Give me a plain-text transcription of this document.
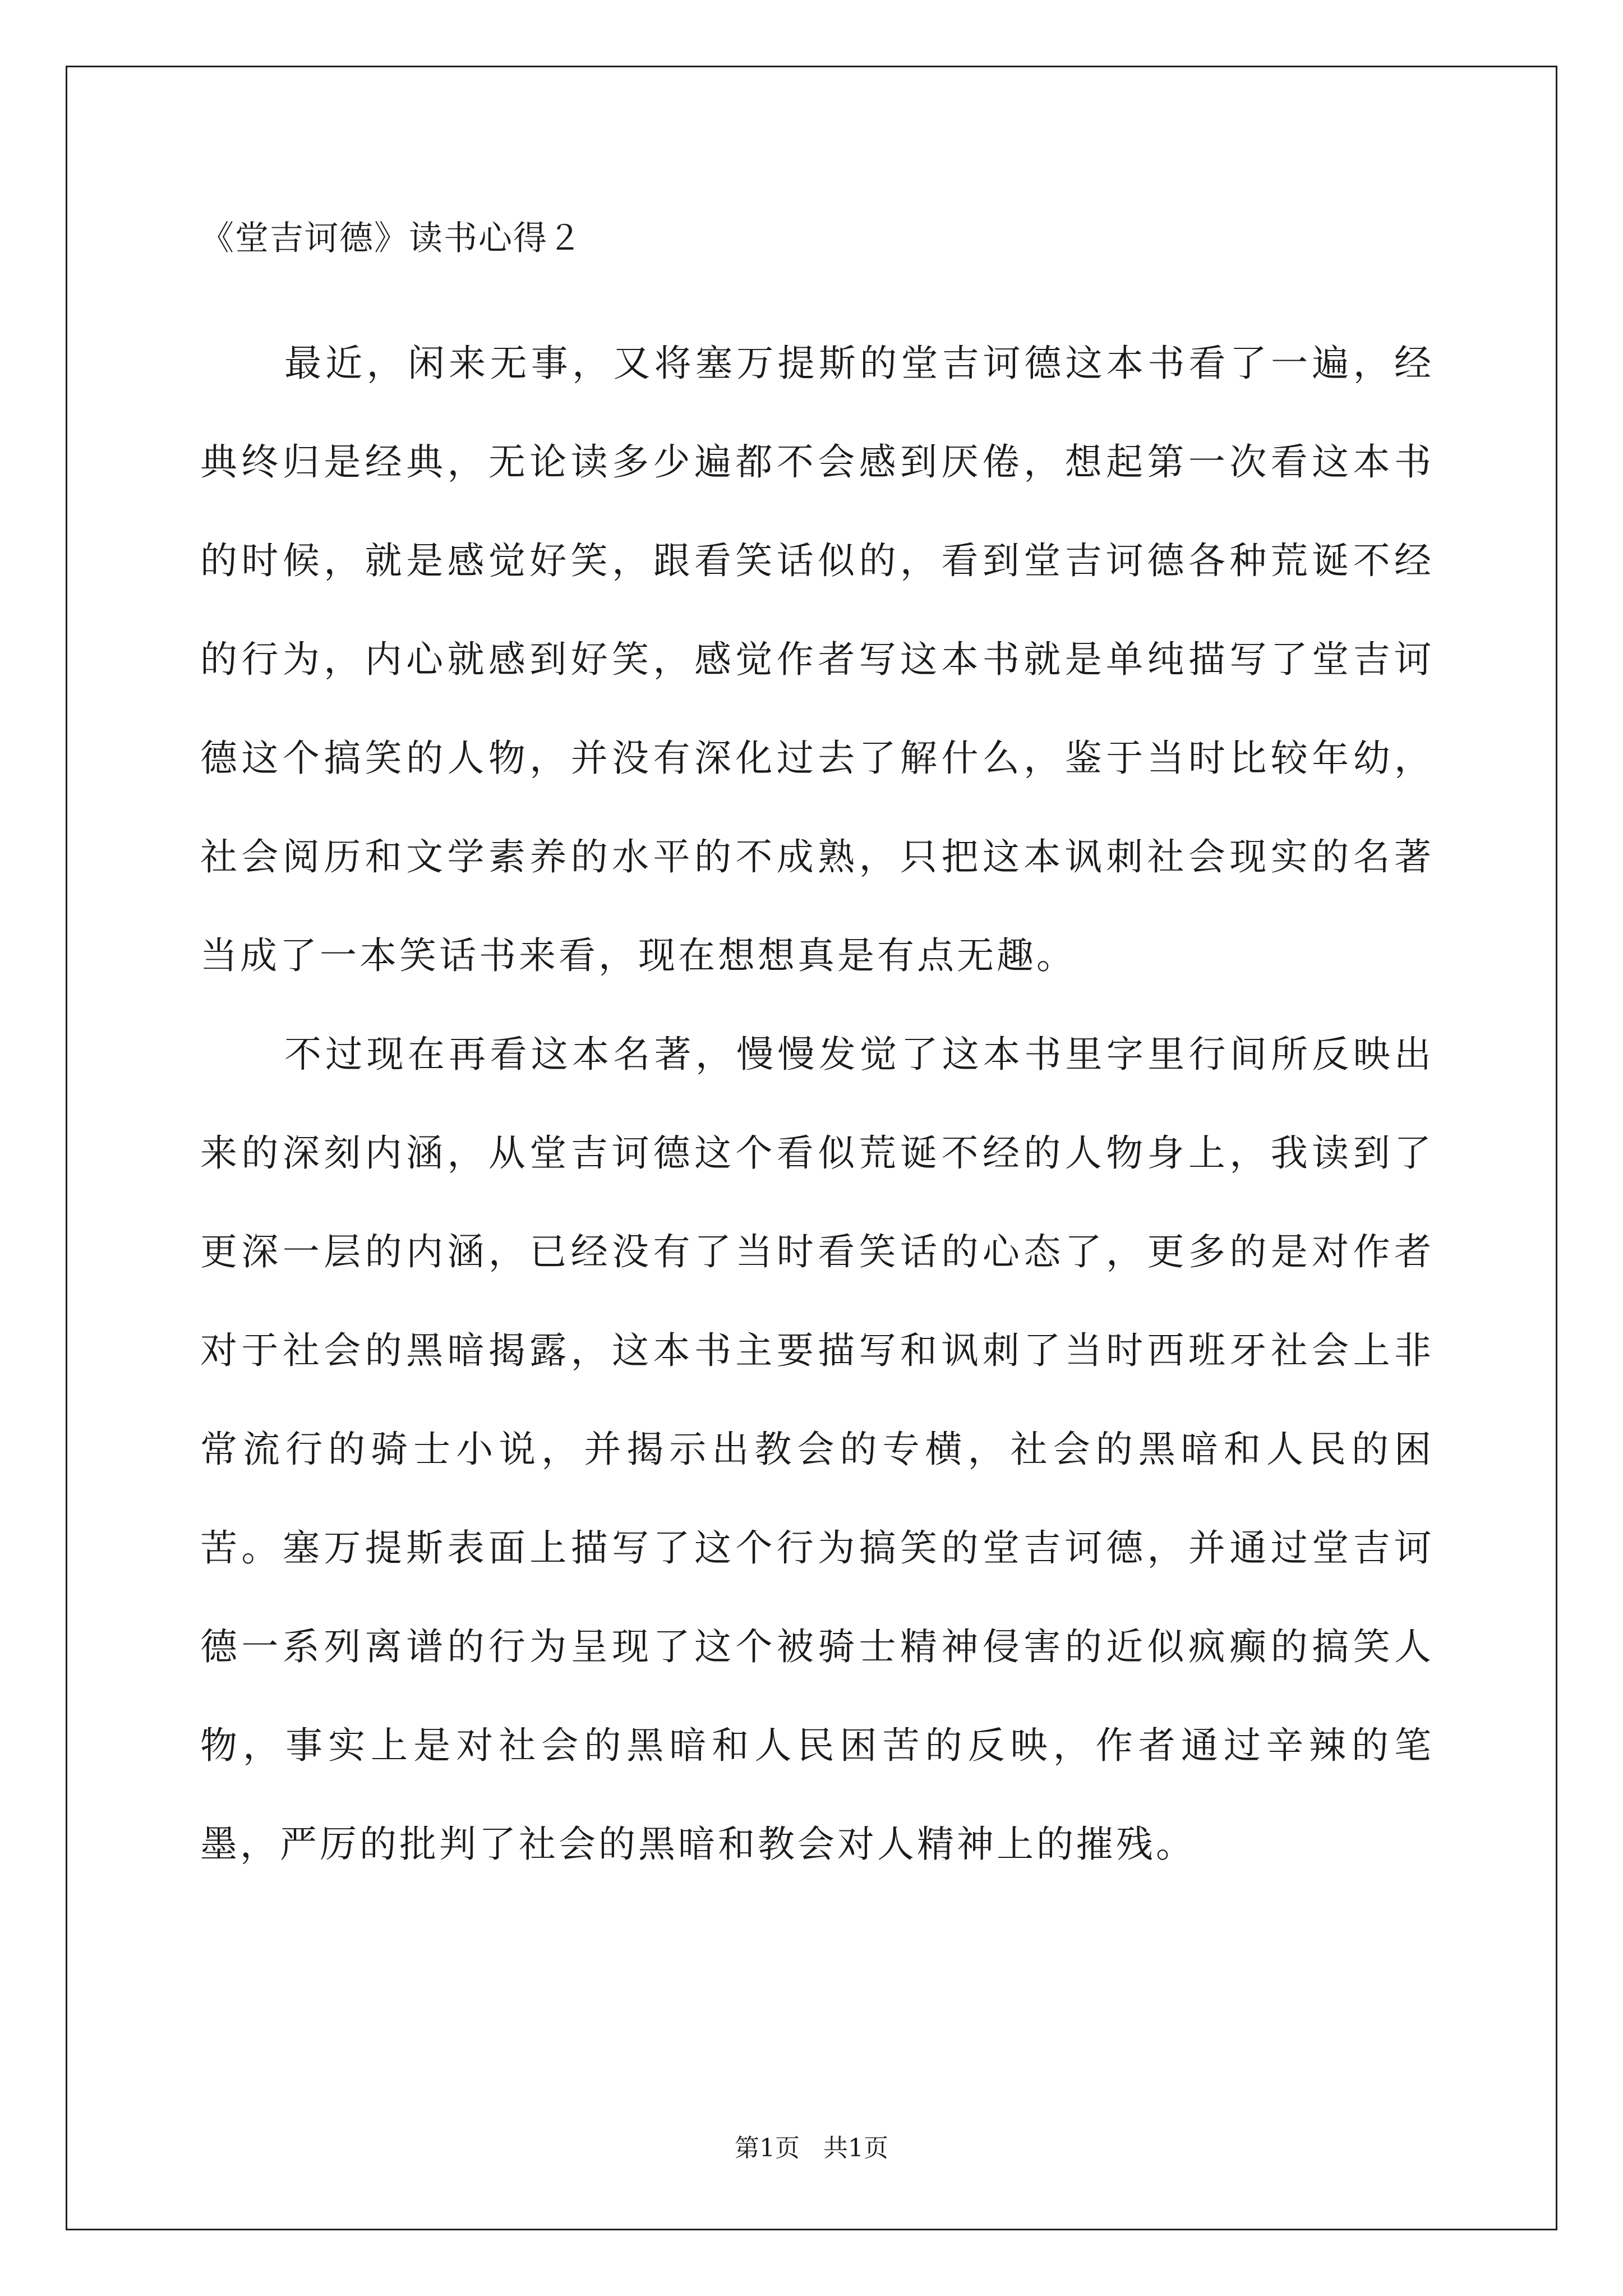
《堂吉诃德》读书心得２

最近，闲来无事，又将塞万提斯的堂吉诃德这本书看了一遍，经典终归是经典，无论读多少遍都不会感到厌倦，想起第一次看这本书的时候，就是感觉好笑，跟看笑话似的，看到堂吉诃德各种荒诞不经的行为，内心就感到好笑，感觉作者写这本书就是单纯描写了堂吉诃德这个搞笑的人物，并没有深化过去了解什么，鉴于当时比较年幼，社会阅历和文学素养的水平的不成熟，只把这本讽刺社会现实的名著当成了一本笑话书来看，现在想想真是有点无趣。

不过现在再看这本名著，慢慢发觉了这本书里字里行间所反映出来的深刻内涵，从堂吉诃德这个看似荒诞不经的人物身上，我读到了更深一层的内涵，已经没有了当时看笑话的心态了，更多的是对作者对于社会的黑暗揭露，这本书主要描写和讽刺了当时西班牙社会上非常流行的骑士小说，并揭示出教会的专横，社会的黑暗和人民的困苦。塞万提斯表面上描写了这个行为搞笑的堂吉诃德，并通过堂吉诃德一系列离谱的行为呈现了这个被骑士精神侵害的近似疯癫的搞笑人物，事实上是对社会的黑暗和人民困苦的反映，作者通过辛辣的笔墨，严厉的批判了社会的黑暗和教会对人精神上的摧残。

第1页 共1页
